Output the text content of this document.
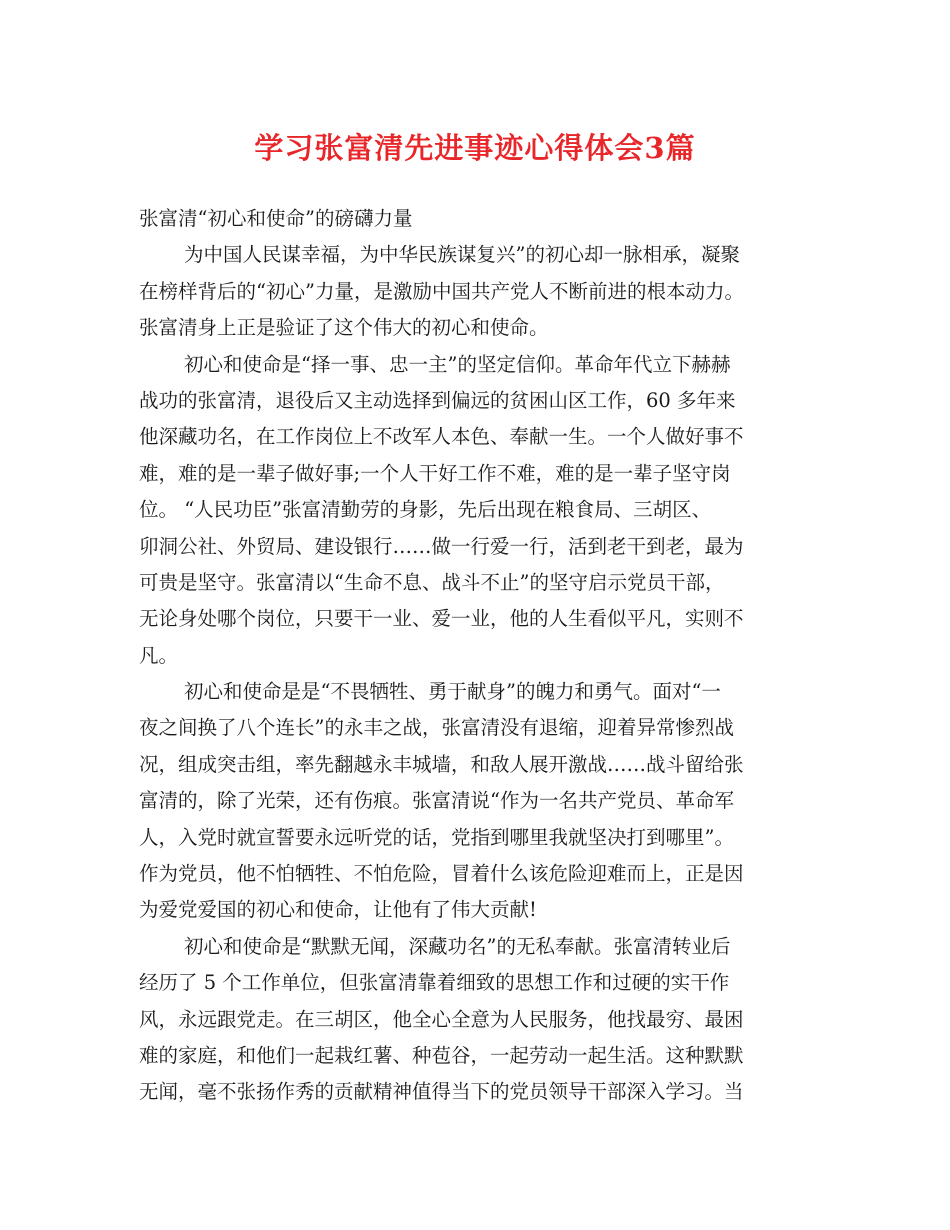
学习张富清先进事迹心得体会3篇
张富清“初心和使命”的磅礴力量
为中国人民谋幸福，为中华民族谋复兴”的初心却一脉相承，凝聚
在榜样背后的“初心”力量，是激励中国共产党人不断前进的根本动力。
张富清身上正是验证了这个伟大的初心和使命。
初心和使命是“择一事、忠一主”的坚定信仰。革命年代立下赫赫
战功的张富清，退役后又主动选择到偏远的贫困山区工作，60 多年来
他深藏功名，在工作岗位上不改军人本色、奉献一生。一个人做好事不
难，难的是一辈子做好事;一个人干好工作不难，难的是一辈子坚守岗
位。 “人民功臣”张富清勤劳的身影，先后出现在粮食局、三胡区、
卯洞公社、外贸局、建设银行……做一行爱一行，活到老干到老，最为
可贵是坚守。张富清以“生命不息、战斗不止”的坚守启示党员干部，
无论身处哪个岗位，只要干一业、爱一业，他的人生看似平凡，实则不
凡。
初心和使命是是“不畏牺牲、勇于献身”的魄力和勇气。面对“一
夜之间换了八个连长”的永丰之战，张富清没有退缩，迎着异常惨烈战
况，组成突击组，率先翻越永丰城墙，和敌人展开激战……战斗留给张
富清的，除了光荣，还有伤痕。张富清说“作为一名共产党员、革命军
人，入党时就宣誓要永远听党的话，党指到哪里我就坚决打到哪里”。
作为党员，他不怕牺牲、不怕危险，冒着什么该危险迎难而上，正是因
为爱党爱国的初心和使命，让他有了伟大贡献!
初心和使命是“默默无闻，深藏功名”的无私奉献。张富清转业后
经历了 5 个工作单位，但张富清靠着细致的思想工作和过硬的实干作
风，永远跟党走。在三胡区，他全心全意为人民服务，他找最穷、最困
难的家庭，和他们一起栽红薯、种苞谷，一起劳动一起生活。这种默默
无闻，毫不张扬作秀的贡献精神值得当下的党员领导干部深入学习。当
